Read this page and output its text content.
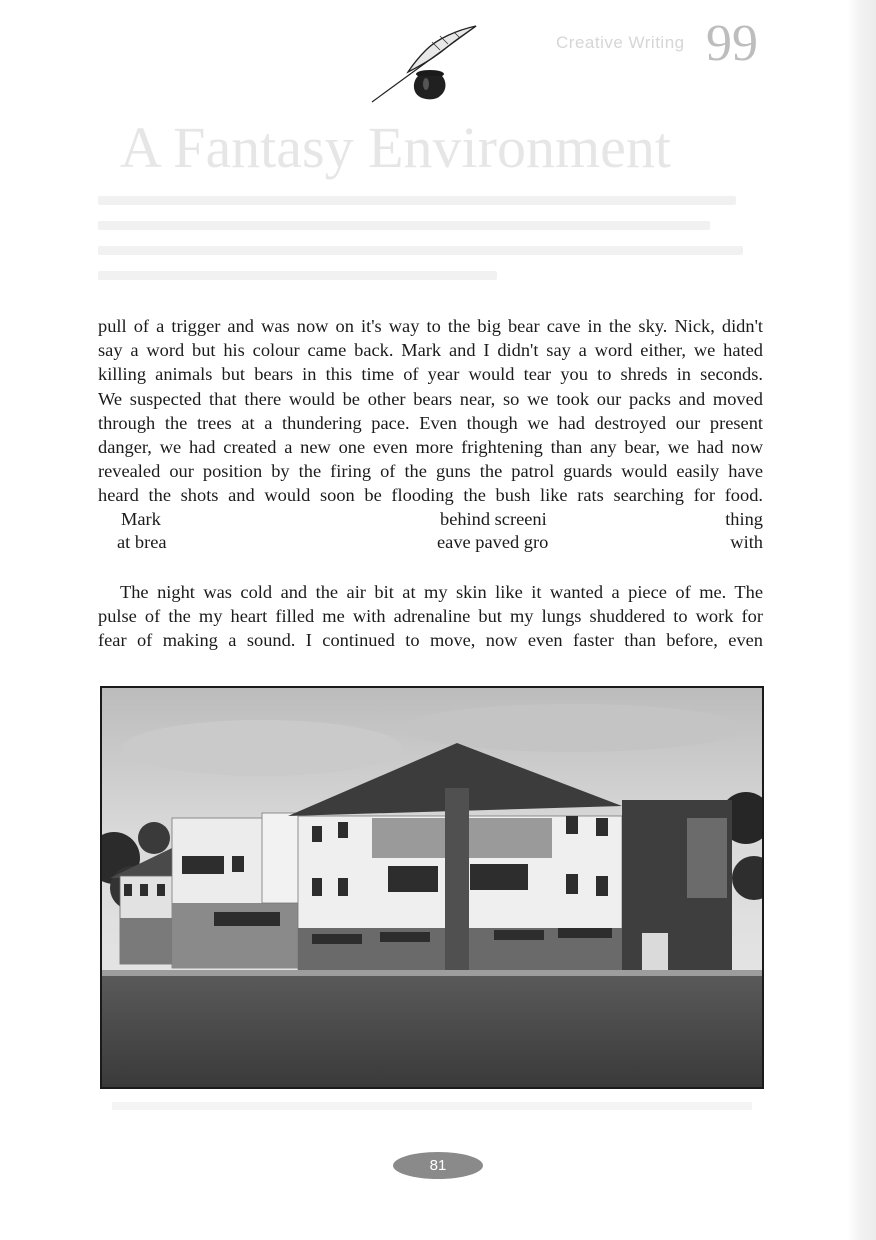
Creative Writing 99
A Fantasy Environment
pull of a trigger and was now on it's way to the big bear cave in the sky. Nick, didn't
say a word but his colour came back. Mark and I didn't say a word either, we hated
killing animals but bears in this time of year would tear you to shreds in seconds.
We suspected that there would be other bears near, so we took our packs and moved
through the trees at a thundering pace. Even though we had destroyed our present
danger, we had created a new one even more frightening than any bear, we had now
revealed our position by the firing of the guns the patrol guards would easily have
heard the shots and would soon be flooding the bush like rats searching for food.
Mark	behind screeni	thing
at brea	eave paved gro	with
The night was cold and the air bit at my skin like it wanted a piece of me. The
pulse of the my heart filled me with adrenaline but my lungs shuddered to work for
fear of making a sound. I continued to move, now even faster than before, even
81
